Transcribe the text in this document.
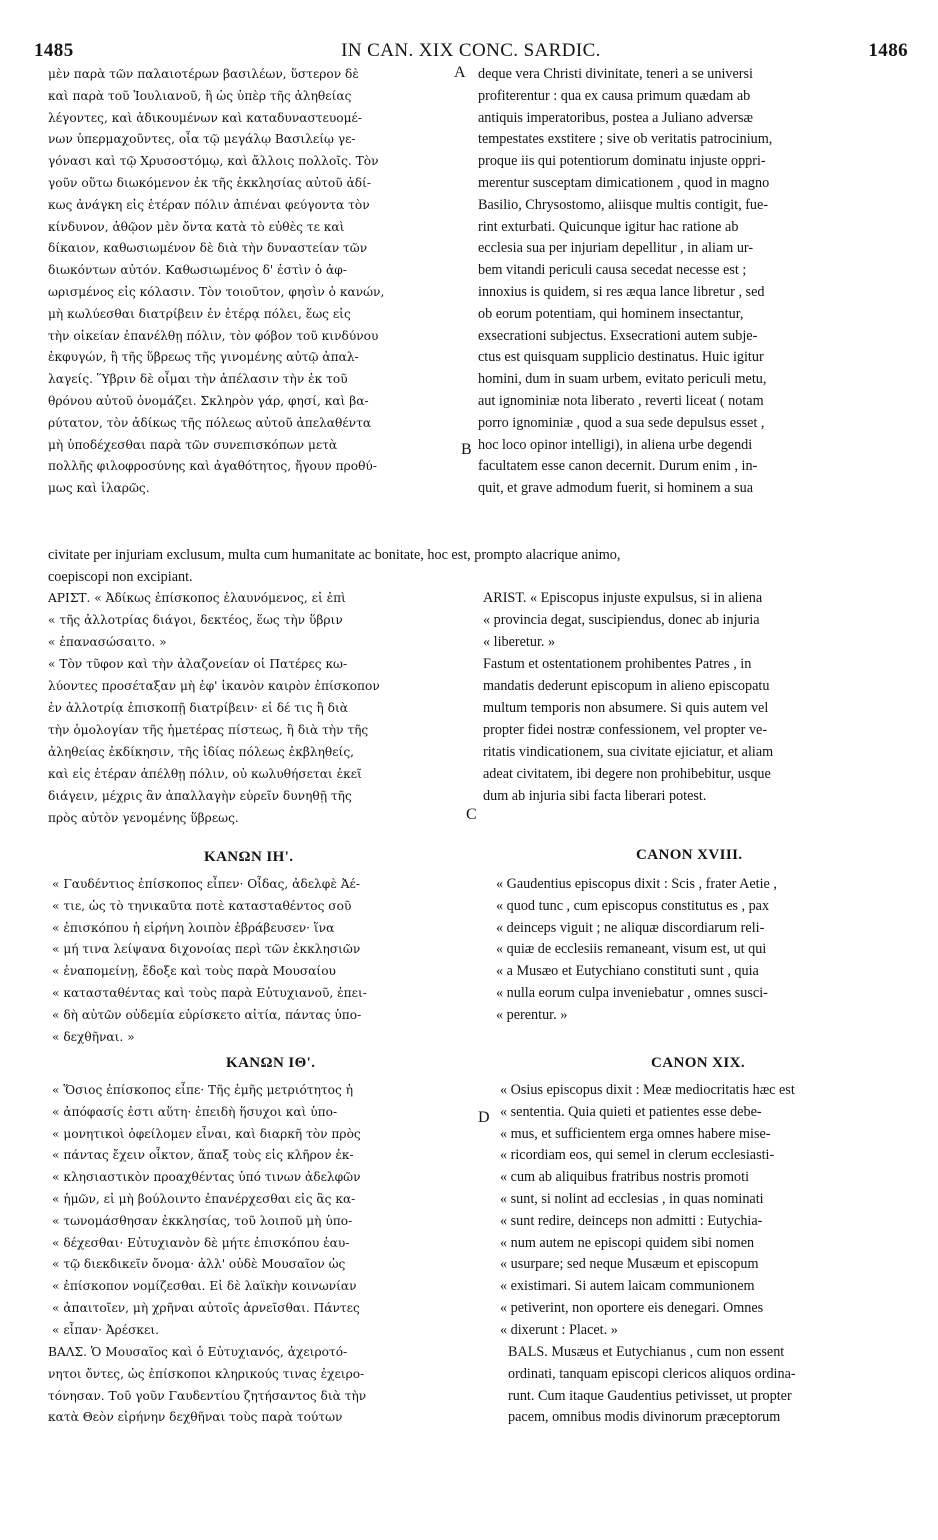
1485	IN CAN. XIX CONC. SARDIC.	1486
A
B
C
D
μὲν παρὰ τῶν παλαιοτέρων βασιλέων, ὕστερον δὲ
καὶ παρὰ τοῦ Ἰουλιανοῦ, ἢ ὡς ὑπὲρ τῆς ἀληθείας
λέγοντες, καὶ ἀδικουμένων καὶ καταδυναστευομέ-
νων ὑπερμαχοῦντες, οἷα τῷ μεγάλῳ Βασιλείῳ γε-
γόνασι καὶ τῷ Χρυσοστόμῳ, καὶ ἄλλοις πολλοῖς. Τὸν
γοῦν οὕτω διωκόμενον ἐκ τῆς ἐκκλησίας αὐτοῦ ἀδί-
κως ἀνάγκη εἰς ἑτέραν πόλιν ἀπιέναι φεύγοντα τὸν
κίνδυνον, ἀθῷον μὲν ὄντα κατὰ τὸ εὐθὲς τε καὶ
δίκαιον, καθωσιωμένον δὲ διὰ τὴν δυναστείαν τῶν
διωκόντων αὐτόν. Καθωσιωμένος δ' ἐστὶν ὁ ἀφ-
ωρισμένος εἰς κόλασιν. Τὸν τοιοῦτον, φησὶν ὁ κανών,
μὴ κωλύεσθαι διατρίβειν ἐν ἑτέρᾳ πόλει, ἕως εἰς
τὴν οἰκείαν ἐπανέλθῃ πόλιν, τὸν φόβον τοῦ κινδύνου
ἐκφυγών, ἢ τῆς ὕβρεως τῆς γινομένης αὐτῷ ἀπαλ-
λαγείς. Ὕβριν δὲ οἶμαι τὴν ἀπέλασιν τὴν ἐκ τοῦ
θρόνου αὐτοῦ ὀνομάζει. Σκληρὸν γάρ, φησί, καὶ βα-
ρύτατον, τὸν ἀδίκως τῆς πόλεως αὐτοῦ ἀπελαθέντα
μὴ ὑποδέχεσθαι παρὰ τῶν συνεπισκόπων μετὰ
πολλῆς φιλοφροσύνης καὶ ἀγαθότητος, ἤγουν προθύ-
μως καὶ ἱλαρῶς.
deque vera Christi divinitate, teneri a se universi
profiterentur : qua ex causa primum quædam ab
antiquis imperatoribus, postea a Juliano adversæ
tempestates exstitere ; sive ob veritatis patrocinium,
proque iis qui potentiorum dominatu injuste oppri-
merentur susceptam dimicationem , quod in magno
Basilio, Chrysostomo, aliisque multis contigit, fue-
rint exturbati. Quicunque igitur hac ratione ab
ecclesia sua per injuriam depellitur , in aliam ur-
bem vitandi periculi causa secedat necesse est ;
innoxius is quidem, si res æqua lance libretur , sed
ob eorum potentiam, qui hominem insectantur,
exsecrationi subjectus. Exsecrationi autem subje-
ctus est quisquam supplicio destinatus. Huic igitur
homini, dum in suam urbem, evitato periculi metu,
aut ignominiæ nota liberato , reverti liceat ( notam
porro ignominiæ , quod a sua sede depulsus esset ,
hoc loco opinor intelligi), in aliena urbe degendi
facultatem esse canon decernit. Durum enim , in-
quit, et grave admodum fuerit, si hominem a sua
civitate per injuriam exclusum, multa cum humanitate ac bonitate, hoc est, prompto alacrique animo,
coepiscopi non excipiant.
ΑΡΙΣΤ. « Ἀδίκως ἐπίσκοπος ἐλαυνόμενος, εἰ ἐπὶ
« τῆς ἀλλοτρίας διάγοι, δεκτέος, ἕως τὴν ὕβριν
« ἐπανασώσαιτο. »
« Τὸν τῦφον καὶ τὴν ἀλαζονείαν οἱ Πατέρες κω-
λύοντες προσέταξαν μὴ ἐφ' ἱκανὸν καιρὸν ἐπίσκοπον
ἐν ἀλλοτρίᾳ ἐπισκοπῇ διατρίβειν· εἰ δέ τις ἢ διὰ
τὴν ὁμολογίαν τῆς ἡμετέρας πίστεως, ἢ διὰ τὴν τῆς
ἀληθείας ἐκδίκησιν, τῆς ἰδίας πόλεως ἐκβληθείς,
καὶ εἰς ἑτέραν ἀπέλθῃ πόλιν, οὐ κωλυθήσεται ἐκεῖ
διάγειν, μέχρις ἂν ἀπαλλαγὴν εὑρεῖν δυνηθῇ τῆς
πρὸς αὐτὸν γενομένης ὕβρεως.
ARIST. « Episcopus injuste expulsus, si in aliena
« provincia degat, suscipiendus, donec ab injuria
« liberetur. »
Fastum et ostentationem prohibentes Patres , in
mandatis dederunt episcopum in alieno episcopatu
multum temporis non absumere. Si quis autem vel
propter fidei nostræ confessionem, vel propter ve-
ritatis vindicationem, sua civitate ejiciatur, et aliam
adeat civitatem, ibi degere non prohibebitur, usque
dum ab injuria sibi facta liberari potest.
ΚΑΝΩΝ ΙΗ'.
« Γαυδέντιος ἐπίσκοπος εἶπεν· Οἶδας, ἀδελφὲ Ἀέ-
« τιε, ὡς τὸ τηνικαῦτα ποτὲ κατασταθέντος σοῦ
« ἐπισκόπου ἡ εἰρήνη λοιπὸν ἐβράβευσεν· ἵνα
« μή τινα λείψανα διχονοίας περὶ τῶν ἐκκλησιῶν
« ἐναπομείνῃ, ἔδοξε καὶ τοὺς παρὰ Μουσαίου
« κατασταθέντας καὶ τοὺς παρὰ Εὐτυχιανοῦ, ἐπει-
« δὴ αὐτῶν οὐδεμία εὑρίσκετο αἰτία, πάντας ὑπο-
« δεχθῆναι. »
CANON XVIII.
« Gaudentius episcopus dixit : Scis , frater Aetie ,
« quod tunc , cum episcopus constitutus es , pax
« deinceps viguit ; ne aliquæ discordiarum reli-
« quiæ de ecclesiis remaneant, visum est, ut qui
« a Musæo et Eutychiano constituti sunt , quia
« nulla eorum culpa inveniebatur , omnes susci-
« perentur. »
ΚΑΝΩΝ ΙΘ'.
« Ὅσιος ἐπίσκοπος εἶπε· Τῆς ἐμῆς μετριότητος ἡ
« ἀπόφασίς ἐστι αὕτη· ἐπειδὴ ἥσυχοι καὶ ὑπο-
« μονητικοὶ ὀφείλομεν εἶναι, καὶ διαρκῆ τὸν πρὸς
« πάντας ἔχειν οἶκτον, ἅπαξ τοὺς εἰς κλῆρον ἐκ-
« κλησιαστικὸν προαχθέντας ὑπό τινων ἀδελφῶν
« ἡμῶν, εἰ μὴ βούλοιντο ἐπανέρχεσθαι εἰς ἃς κα-
« τωνομάσθησαν ἐκκλησίας, τοῦ λοιποῦ μὴ ὑπο-
« δέχεσθαι· Εὐτυχιανὸν δὲ μήτε ἐπισκόπου ἑαυ-
« τῷ διεκδικεῖν ὄνομα· ἀλλ' οὐδὲ Μουσαῖον ὡς
« ἐπίσκοπον νομίζεσθαι. Εἰ δὲ λαϊκὴν κοινωνίαν
« ἀπαιτοῖεν, μὴ χρῆναι αὐτοῖς ἀρνεῖσθαι. Πάντες
« εἶπαν· Ἀρέσκει.
CANON XIX.
« Osius episcopus dixit : Meæ mediocritatis hæc est
« sententia. Quia quieti et patientes esse debe-
« mus, et sufficientem erga omnes habere mise-
« ricordiam eos, qui semel in clerum ecclesiasti-
« cum ab aliquibus fratribus nostris promoti
« sunt, si nolint ad ecclesias , in quas nominati
« sunt redire, deinceps non admitti : Eutychia-
« num autem ne episcopi quidem sibi nomen
« usurpare; sed neque Musæum et episcopum
« existimari. Si autem laicam communionem
« petiverint, non oportere eis denegari. Omnes
« dixerunt : Placet. »
ΒΑΛΣ. Ὁ Μουσαῖος καὶ ὁ Εὐτυχιανός, ἀχειροτό-
νητοι ὄντες, ὡς ἐπίσκοποι κληρικούς τινας ἐχειρο-
τόνησαν. Τοῦ γοῦν Γαυδεντίου ζητήσαντος διὰ τὴν
κατὰ Θεὸν εἰρήνην δεχθῆναι τοὺς παρὰ τούτων
BALS. Musæus et Eutychianus , cum non essent
ordinati, tanquam episcopi clericos aliquos ordina-
runt. Cum itaque Gaudentius petivisset, ut propter
pacem, omnibus modis divinorum præceptorum
